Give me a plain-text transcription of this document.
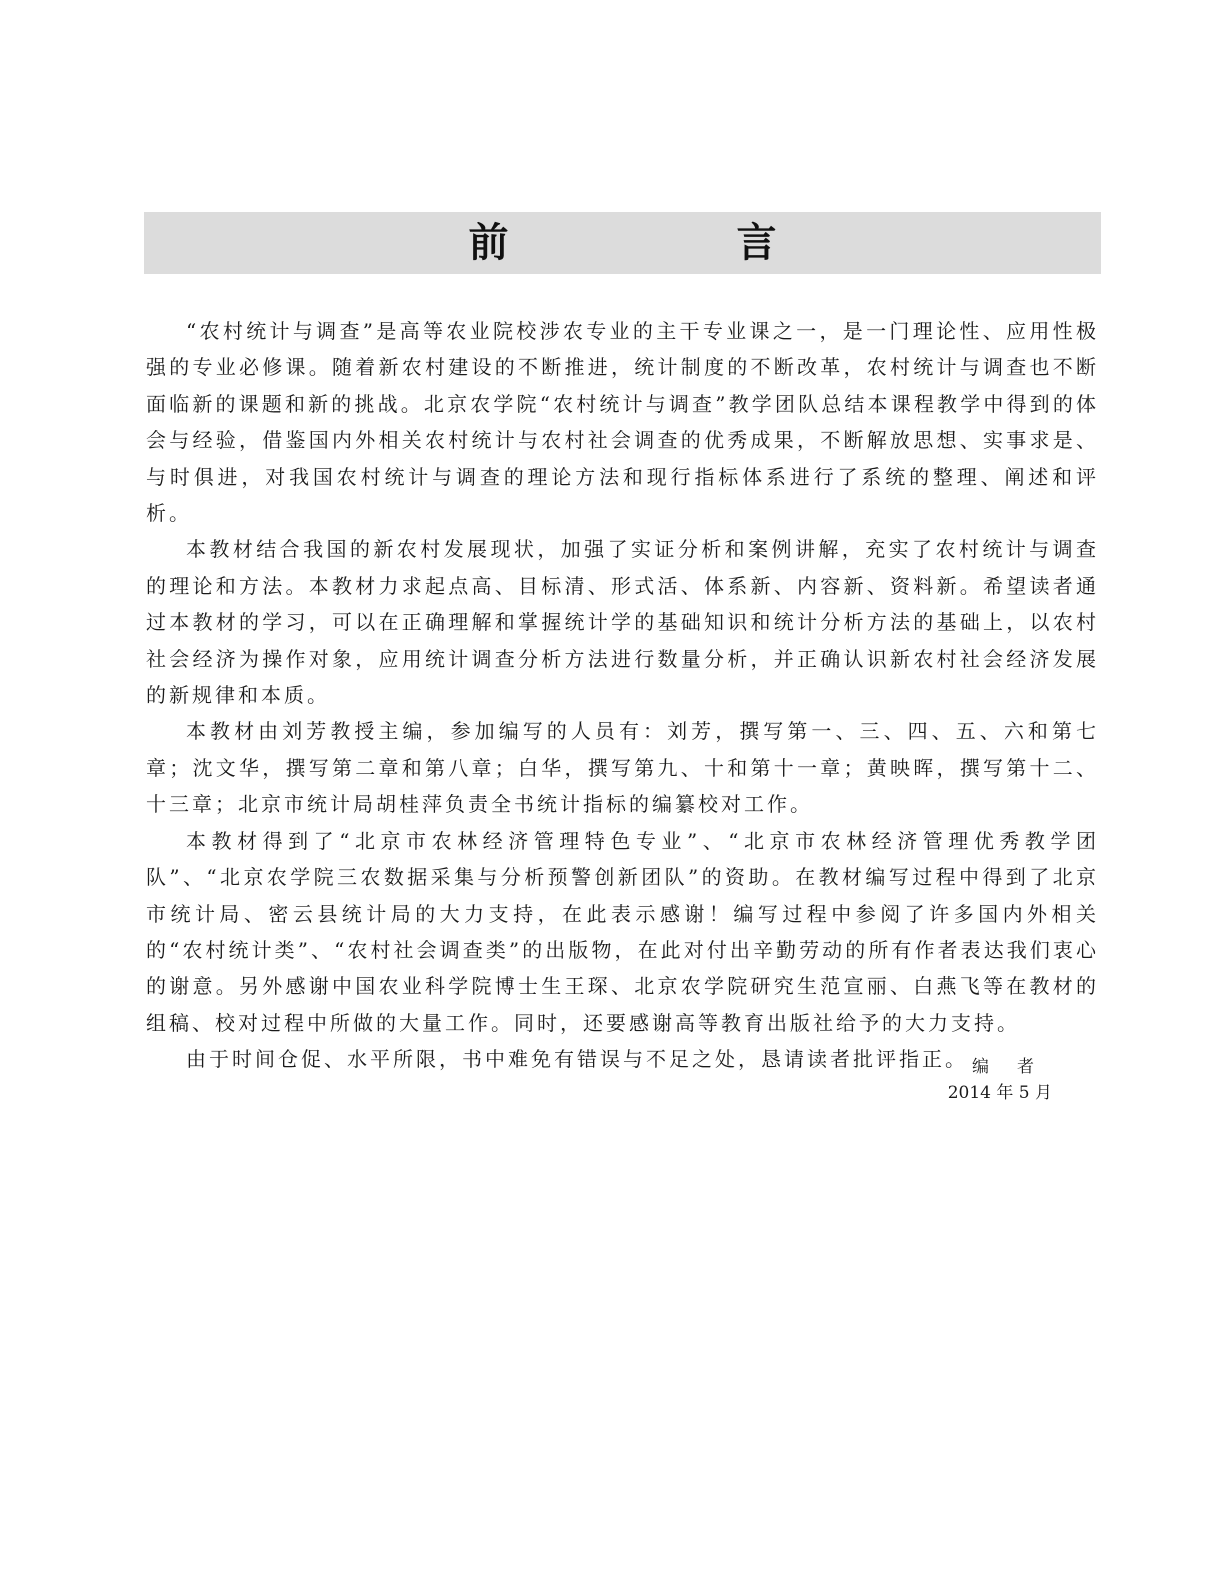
前　言

“农村统计与调查”是高等农业院校涉农专业的主干专业课之一，是一门理论性、应用性极强的专业必修课。随着新农村建设的不断推进，统计制度的不断改革，农村统计与调查也不断面临新的课题和新的挑战。北京农学院“农村统计与调查”教学团队总结本课程教学中得到的体会与经验，借鉴国内外相关农村统计与农村社会调查的优秀成果，不断解放思想、实事求是、与时俱进，对我国农村统计与调查的理论方法和现行指标体系进行了系统的整理、阐述和评析。

本教材结合我国的新农村发展现状，加强了实证分析和案例讲解，充实了农村统计与调查的理论和方法。本教材力求起点高、目标清、形式活、体系新、内容新、资料新。希望读者通过本教材的学习，可以在正确理解和掌握统计学的基础知识和统计分析方法的基础上，以农村社会经济为操作对象，应用统计调查分析方法进行数量分析，并正确认识新农村社会经济发展的新规律和本质。

本教材由刘芳教授主编，参加编写的人员有：刘芳，撰写第一、三、四、五、六和第七章；沈文华，撰写第二章和第八章；白华，撰写第九、十和第十一章；黄映晖，撰写第十二、十三章；北京市统计局胡桂萍负责全书统计指标的编纂校对工作。

本教材得到了“北京市农林经济管理特色专业”、“北京市农林经济管理优秀教学团队”、“北京农学院三农数据采集与分析预警创新团队”的资助。在教材编写过程中得到了北京市统计局、密云县统计局的大力支持，在此表示感谢！编写过程中参阅了许多国内外相关的“农村统计类”、“农村社会调查类”的出版物，在此对付出辛勤劳动的所有作者表达我们衷心的谢意。另外感谢中国农业科学院博士生王琛、北京农学院研究生范宣丽、白燕飞等在教材的组稿、校对过程中所做的大量工作。同时，还要感谢高等教育出版社给予的大力支持。

由于时间仓促、水平所限，书中难免有错误与不足之处，恳请读者批评指正。 编者
2014 年 5 月
